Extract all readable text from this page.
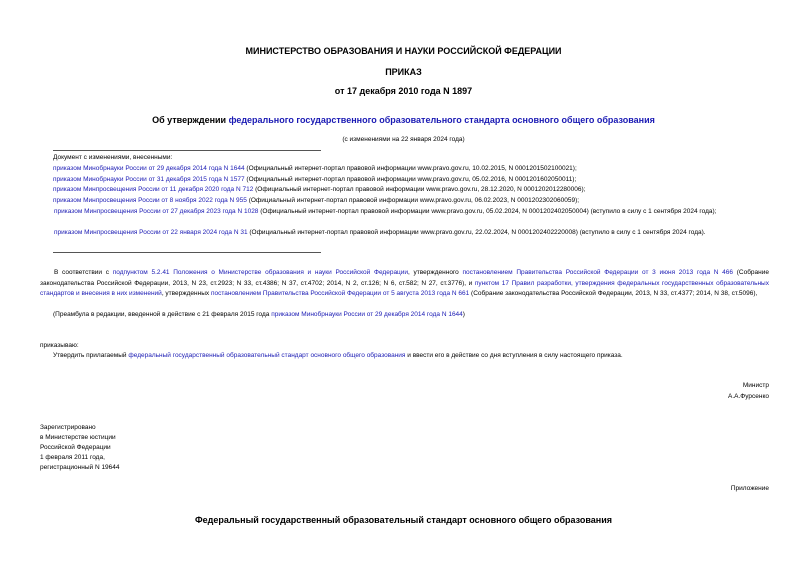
МИНИСТЕРСТВО ОБРАЗОВАНИЯ И НАУКИ РОССИЙСКОЙ ФЕДЕРАЦИИ
ПРИКАЗ
от 17 декабря 2010 года N 1897
Об утверждении федерального государственного образовательного стандарта основного общего образования
(с изменениями на 22 января 2024 года)
Документ с изменениями, внесенными:
приказом Минобрнауки России от 29 декабря 2014 года N 1644 (Официальный интернет-портал правовой информации www.pravo.gov.ru, 10.02.2015, N 0001201502100021);
приказом Минобрнауки России от 31 декабря 2015 года N 1577 (Официальный интернет-портал правовой информации www.pravo.gov.ru, 05.02.2016, N 0001201602050011);
приказом Минпросвещения России от 11 декабря 2020 года N 712 (Официальный интернет-портал правовой информации www.pravo.gov.ru, 28.12.2020, N 0001202012280006);
приказом Минпросвещения России от 8 ноября 2022 года N 955 (Официальный интернет-портал правовой информации www.pravo.gov.ru, 06.02.2023, N 0001202302060059);
приказом Минпросвещения России от 27 декабря 2023 года N 1028 (Официальный интернет-портал правовой информации www.pravo.gov.ru, 05.02.2024, N 0001202402050004) (вступило в силу с 1 сентября 2024 года);
приказом Минпросвещения России от 22 января 2024 года N 31 (Официальный интернет-портал правовой информации www.pravo.gov.ru, 22.02.2024, N 0001202402220008) (вступило в силу с 1 сентября 2024 года).
В соответствии с подпунктом 5.2.41 Положения о Министерстве образования и науки Российской Федерации, утвержденного постановлением Правительства Российской Федерации от 3 июня 2013 года N 466 (Собрание законодательства Российской Федерации, 2013, N 23, ст.2923; N 33, ст.4386; N 37, ст.4702; 2014, N 2, ст.126; N 6, ст.582; N 27, ст.3776), и пунктом 17 Правил разработки, утверждения федеральных государственных образовательных стандартов и внесения в них изменений, утвержденных постановлением Правительства Российской Федерации от 5 августа 2013 года N 661 (Собрание законодательства Российской Федерации, 2013, N 33, ст.4377; 2014, N 38, ст.5096),
(Преамбула в редакции, введенной в действие с 21 февраля 2015 года приказом Минобрнауки России от 29 декабря 2014 года N 1644)
приказываю:
Утвердить прилагаемый федеральный государственный образовательный стандарт основного общего образования и ввести его в действие со дня вступления в силу настоящего приказа.
Министр
А.А.Фурсенко
Зарегистрировано
в Министерстве юстиции
Российской Федерации
1 февраля 2011 года,
регистрационный N 19644
Приложение
Федеральный государственный образовательный стандарт основного общего образования
